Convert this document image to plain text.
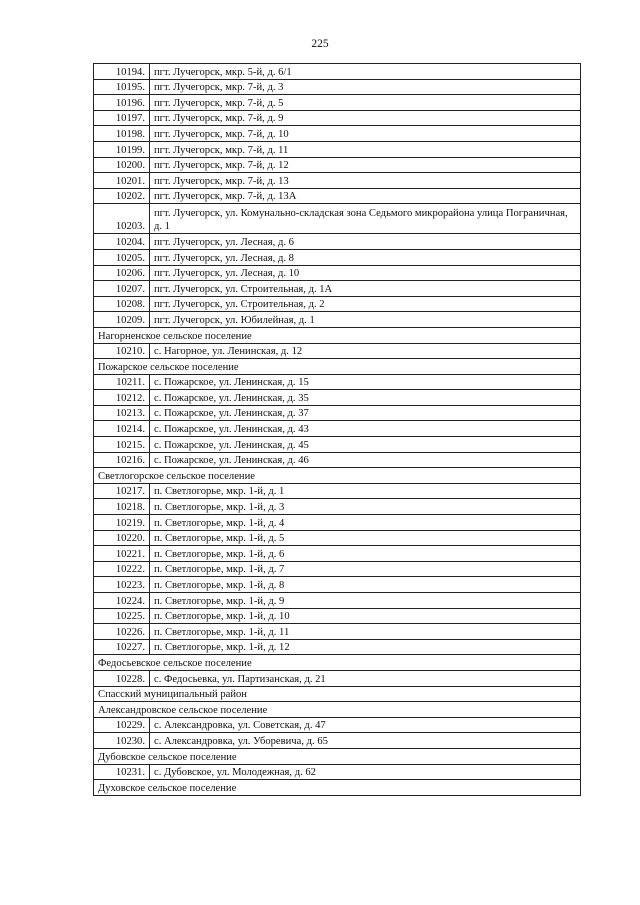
225
10194.	пгт. Лучегорск, мкр. 5-й, д. 6/1
10195.	пгт. Лучегорск, мкр. 7-й, д. 3
10196.	пгт. Лучегорск, мкр. 7-й, д. 5
10197.	пгт. Лучегорск, мкр. 7-й, д. 9
10198.	пгт. Лучегорск, мкр. 7-й, д. 10
10199.	пгт. Лучегорск, мкр. 7-й, д. 11
10200.	пгт. Лучегорск, мкр. 7-й, д. 12
10201.	пгт. Лучегорск, мкр. 7-й, д. 13
10202.	пгт. Лучегорск, мкр. 7-й, д. 13А
10203.	пгт. Лучегорск, ул. Комунально-складская зона Седьмого микрорайона улица Пограничная, д. 1
10204.	пгт. Лучегорск, ул. Лесная, д. 6
10205.	пгт. Лучегорск, ул. Лесная, д. 8
10206.	пгт. Лучегорск, ул. Лесная, д. 10
10207.	пгт. Лучегорск, ул. Строительная, д. 1А
10208.	пгт. Лучегорск, ул. Строительная, д. 2
10209.	пгт. Лучегорск, ул. Юбилейная, д. 1
Нагорненское сельское поселение	
10210.	с. Нагорное, ул. Ленинская, д. 12
Пожарское сельское поселение	
10211.	с. Пожарское, ул. Ленинская, д. 15
10212.	с. Пожарское, ул. Ленинская, д. 35
10213.	с. Пожарское, ул. Ленинская, д. 37
10214.	с. Пожарское, ул. Ленинская, д. 43
10215.	с. Пожарское, ул. Ленинская, д. 45
10216.	с. Пожарское, ул. Ленинская, д. 46
Светлогорское сельское поселение	
10217.	п. Светлогорье, мкр. 1-й, д. 1
10218.	п. Светлогорье, мкр. 1-й, д. 3
10219.	п. Светлогорье, мкр. 1-й, д. 4
10220.	п. Светлогорье, мкр. 1-й, д. 5
10221.	п. Светлогорье, мкр. 1-й, д. 6
10222.	п. Светлогорье, мкр. 1-й, д. 7
10223.	п. Светлогорье, мкр. 1-й, д. 8
10224.	п. Светлогорье, мкр. 1-й, д. 9
10225.	п. Светлогорье, мкр. 1-й, д. 10
10226.	п. Светлогорье, мкр. 1-й, д. 11
10227.	п. Светлогорье, мкр. 1-й, д. 12
Федосьевское сельское поселение	
10228.	с. Федосьевка, ул. Партизанская, д. 21
Спасский муниципальный район	
Александровское сельское поселение	
10229.	с. Александровка, ул. Советская, д. 47
10230.	с. Александровка, ул. Уборевича, д. 65
Дубовское сельское поселение	
10231.	с. Дубовское, ул. Молодежная, д. 62
Духовское сельское поселение	
